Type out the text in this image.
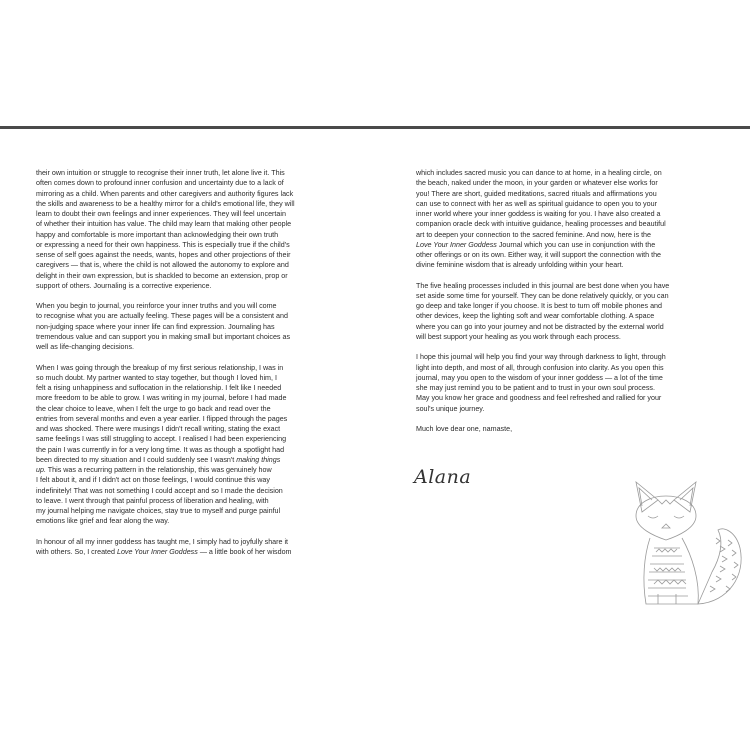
their own intuition or struggle to recognise their inner truth, let alone live it. This
often comes down to profound inner confusion and uncertainty due to a lack of
mirroring as a child. When parents and other caregivers and authority figures lack
the skills and awareness to be a healthy mirror for a child's emotional life, they will
learn to doubt their own feelings and inner experiences. They will feel uncertain
of whether their intuition has value. The child may learn that making other people
happy and comfortable is more important than acknowledging their own truth
or expressing a need for their own happiness. This is especially true if the child's
sense of self goes against the needs, wants, hopes and other projections of their
caregivers — that is, where the child is not allowed the autonomy to explore and
delight in their own expression, but is shackled to become an extension, prop or
support of others. Journaling is a corrective experience.

When you begin to journal, you reinforce your inner truths and you will come
to recognise what you are actually feeling. These pages will be a consistent and
non-judging space where your inner life can find expression. Journaling has
tremendous value and can support you in making small but important choices as
well as life-changing decisions.

When I was going through the breakup of my first serious relationship, I was in
so much doubt. My partner wanted to stay together, but though I loved him, I
felt a rising unhappiness and suffocation in the relationship. I felt like I needed
more freedom to be able to grow. I was writing in my journal, before I had made
the clear choice to leave, when I felt the urge to go back and read over the
entries from several months and even a year earlier. I flipped through the pages
and was shocked. There were musings I didn't recall writing, stating the exact
same feelings I was still struggling to accept. I realised I had been experiencing
the pain I was currently in for a very long time. It was as though a spotlight had
been directed to my situation and I could suddenly see I wasn't making things
up. This was a recurring pattern in the relationship, this was genuinely how
I felt about it, and if I didn't act on those feelings, I would continue this way
indefinitely! That was not something I could accept and so I made the decision
to leave. I went through that painful process of liberation and healing, with
my journal helping me navigate choices, stay true to myself and purge painful
emotions like grief and fear along the way.

In honour of all my inner goddess has taught me, I simply had to joyfully share it
with others. So, I created Love Your Inner Goddess — a little book of her wisdom

which includes sacred music you can dance to at home, in a healing circle, on
the beach, naked under the moon, in your garden or whatever else works for
you! There are short, guided meditations, sacred rituals and affirmations you
can use to connect with her as well as spiritual guidance to open you to your
inner world where your inner goddess is waiting for you. I have also created a
companion oracle deck with intuitive guidance, healing processes and beautiful
art to deepen your connection to the sacred feminine. And now, here is the
Love Your Inner Goddess Journal which you can use in conjunction with the
other offerings or on its own. Either way, it will support the connection with the
divine feminine wisdom that is already unfolding within your heart.

The five healing processes included in this journal are best done when you have
set aside some time for yourself. They can be done relatively quickly, or you can
go deep and take longer if you choose. It is best to turn off mobile phones and
other devices, keep the lighting soft and wear comfortable clothing. A space
where you can go into your journey and not be distracted by the external world
will best support your healing as you work through each process.

I hope this journal will help you find your way through darkness to light, through
light into depth, and most of all, through confusion into clarity. As you open this
journal, may you open to the wisdom of your inner goddess — a lot of the time
she may just remind you to be patient and to trust in your own soul process.
May you know her grace and goodness and feel refreshed and rallied for your
soul's unique journey.

Much love dear one, namaste,

Alana
